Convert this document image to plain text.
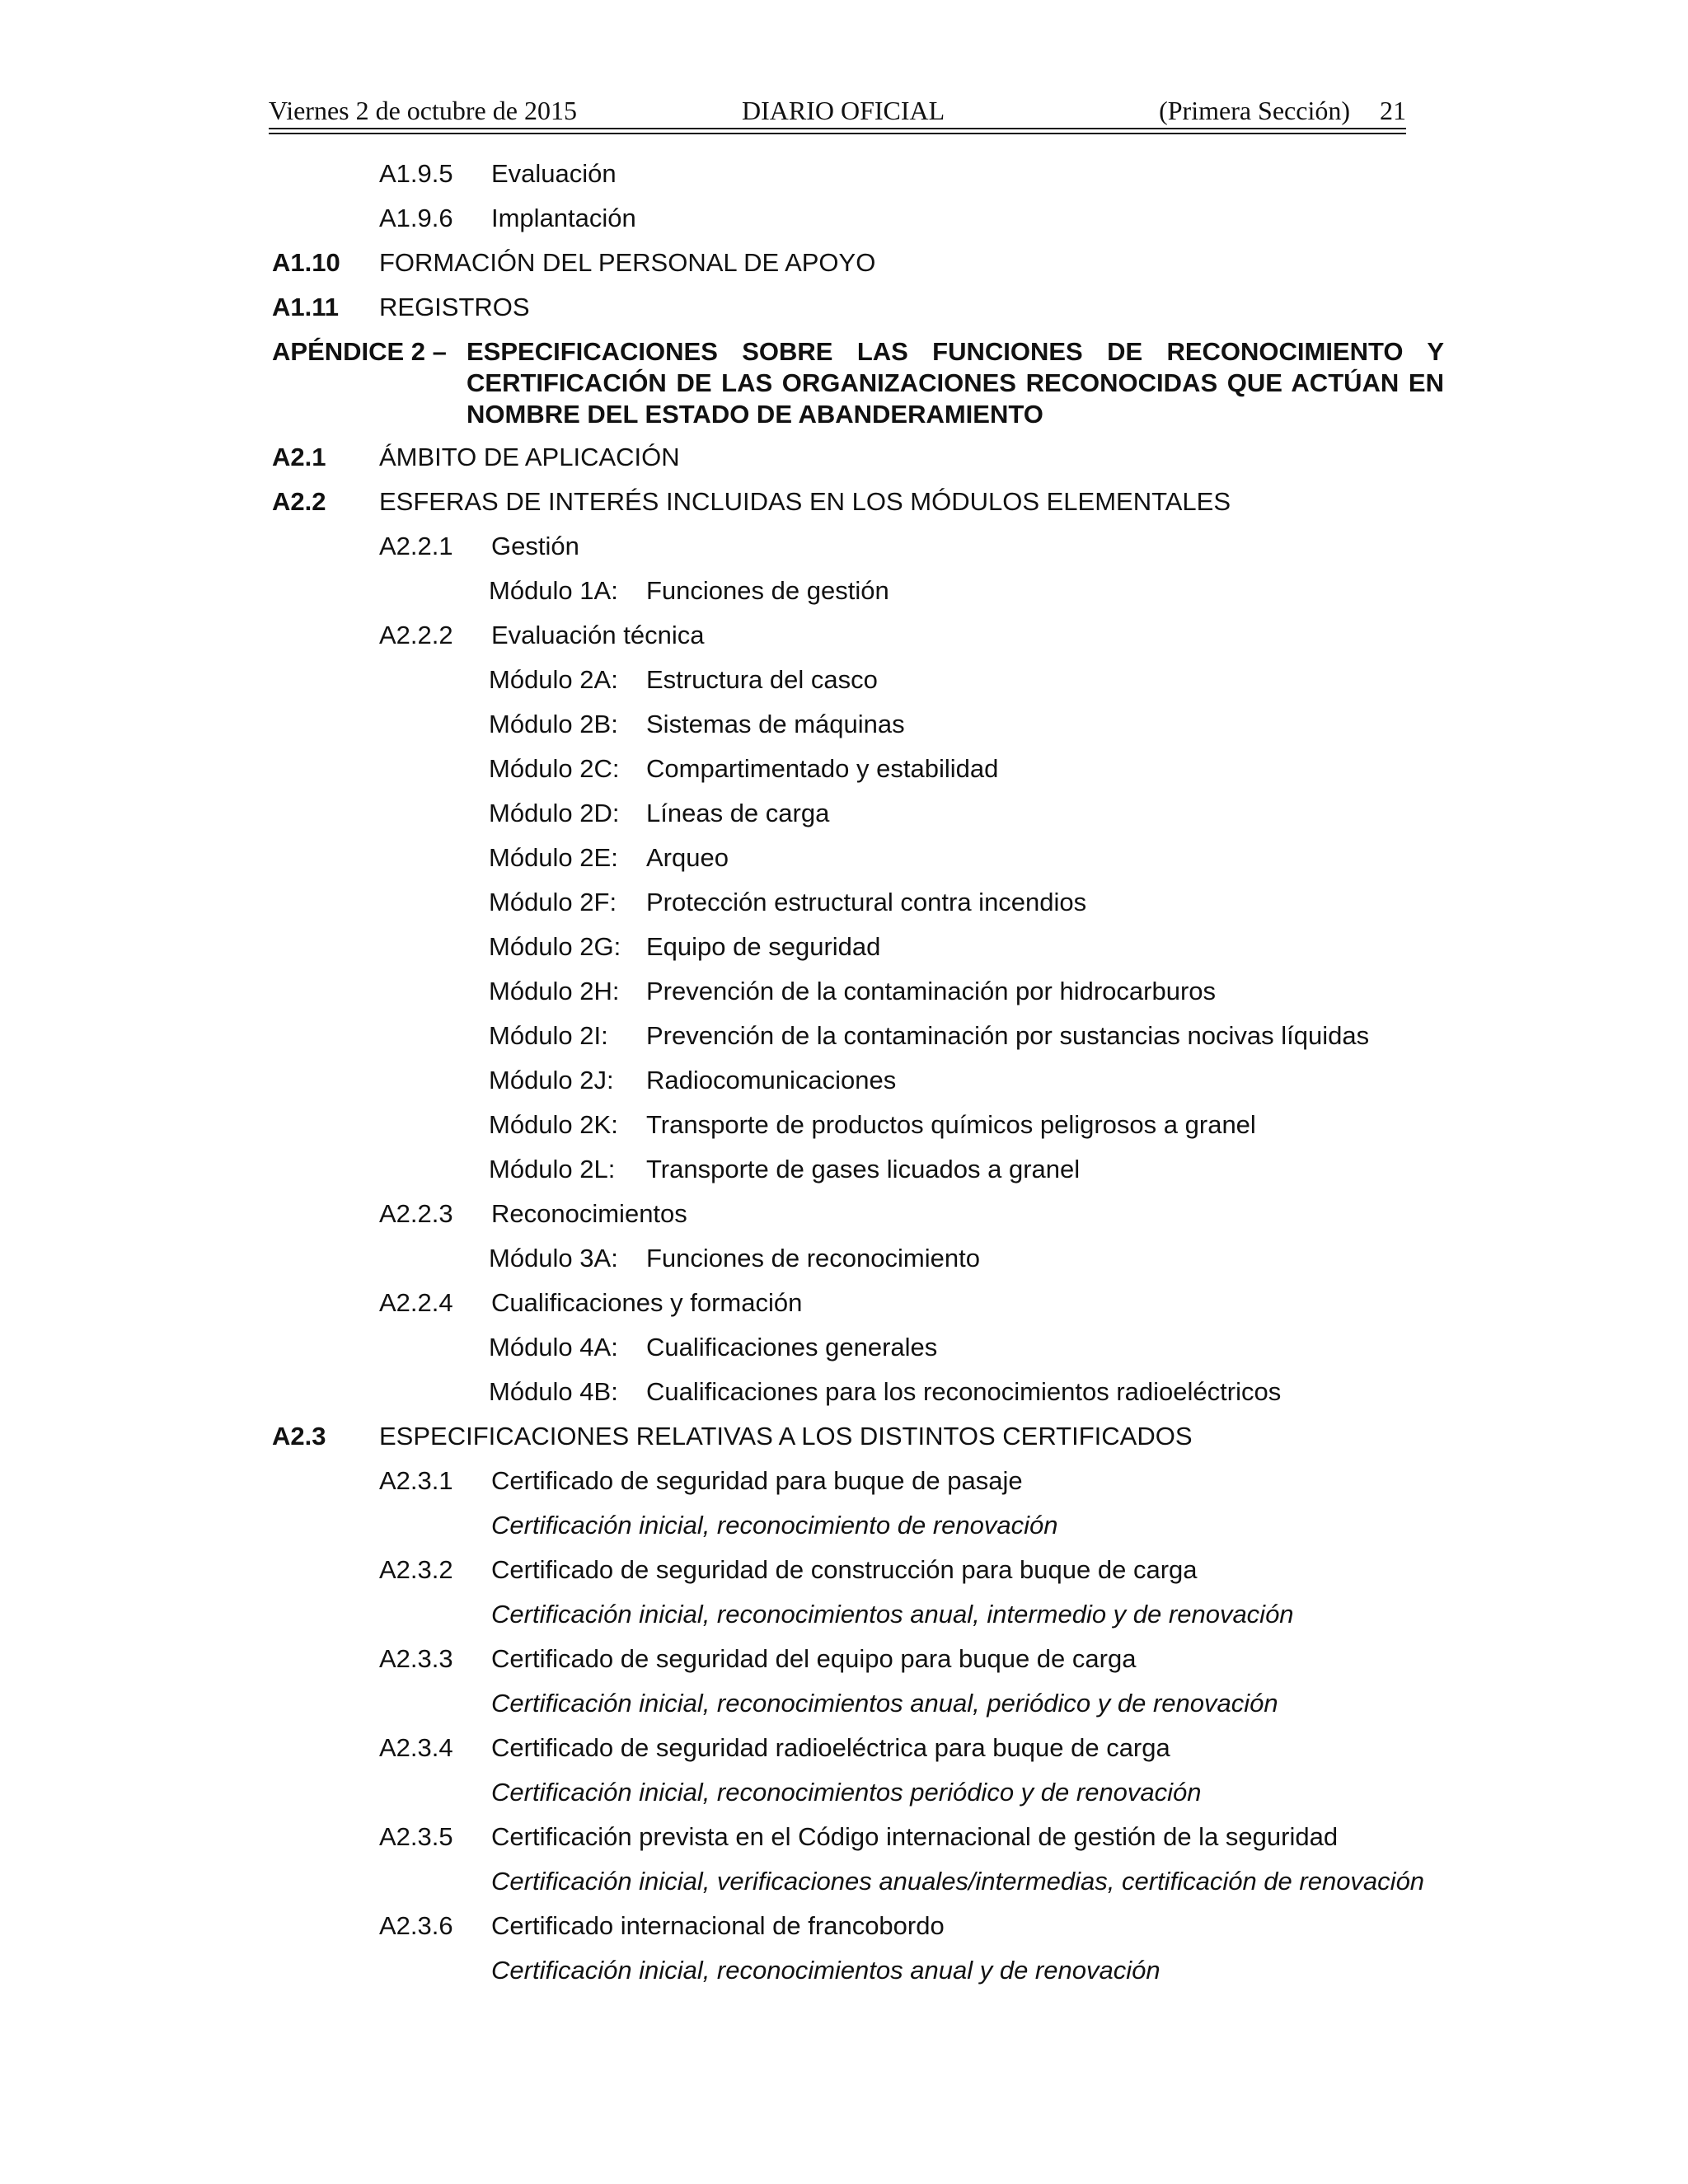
Viernes 2 de octubre de 2015	DIARIO OFICIAL	(Primera Sección) 21
A1.9.5 Evaluación
A1.9.6 Implantación
A1.10 FORMACIÓN DEL PERSONAL DE APOYO
A1.11 REGISTROS
APÉNDICE 2 – ESPECIFICACIONES SOBRE LAS FUNCIONES DE RECONOCIMIENTO Y
CERTIFICACIÓN DE LAS ORGANIZACIONES RECONOCIDAS QUE ACTÚAN EN
NOMBRE DEL ESTADO DE ABANDERAMIENTO
A2.1 ÁMBITO DE APLICACIÓN
A2.2 ESFERAS DE INTERÉS INCLUIDAS EN LOS MÓDULOS ELEMENTALES
A2.2.1 Gestión
Módulo 1A: Funciones de gestión
A2.2.2 Evaluación técnica
Módulo 2A: Estructura del casco
Módulo 2B: Sistemas de máquinas
Módulo 2C: Compartimentado y estabilidad
Módulo 2D: Líneas de carga
Módulo 2E: Arqueo
Módulo 2F: Protección estructural contra incendios
Módulo 2G: Equipo de seguridad
Módulo 2H: Prevención de la contaminación por hidrocarburos
Módulo 2I: Prevención de la contaminación por sustancias nocivas líquidas
Módulo 2J: Radiocomunicaciones
Módulo 2K: Transporte de productos químicos peligrosos a granel
Módulo 2L: Transporte de gases licuados a granel
A2.2.3 Reconocimientos
Módulo 3A: Funciones de reconocimiento
A2.2.4 Cualificaciones y formación
Módulo 4A: Cualificaciones generales
Módulo 4B: Cualificaciones para los reconocimientos radioeléctricos
A2.3 ESPECIFICACIONES RELATIVAS A LOS DISTINTOS CERTIFICADOS
A2.3.1 Certificado de seguridad para buque de pasaje
Certificación inicial, reconocimiento de renovación
A2.3.2 Certificado de seguridad de construcción para buque de carga
Certificación inicial, reconocimientos anual, intermedio y de renovación
A2.3.3 Certificado de seguridad del equipo para buque de carga
Certificación inicial, reconocimientos anual, periódico y de renovación
A2.3.4 Certificado de seguridad radioeléctrica para buque de carga
Certificación inicial, reconocimientos periódico y de renovación
A2.3.5 Certificación prevista en el Código internacional de gestión de la seguridad
Certificación inicial, verificaciones anuales/intermedias, certificación de renovación
A2.3.6 Certificado internacional de francobordo
Certificación inicial, reconocimientos anual y de renovación
